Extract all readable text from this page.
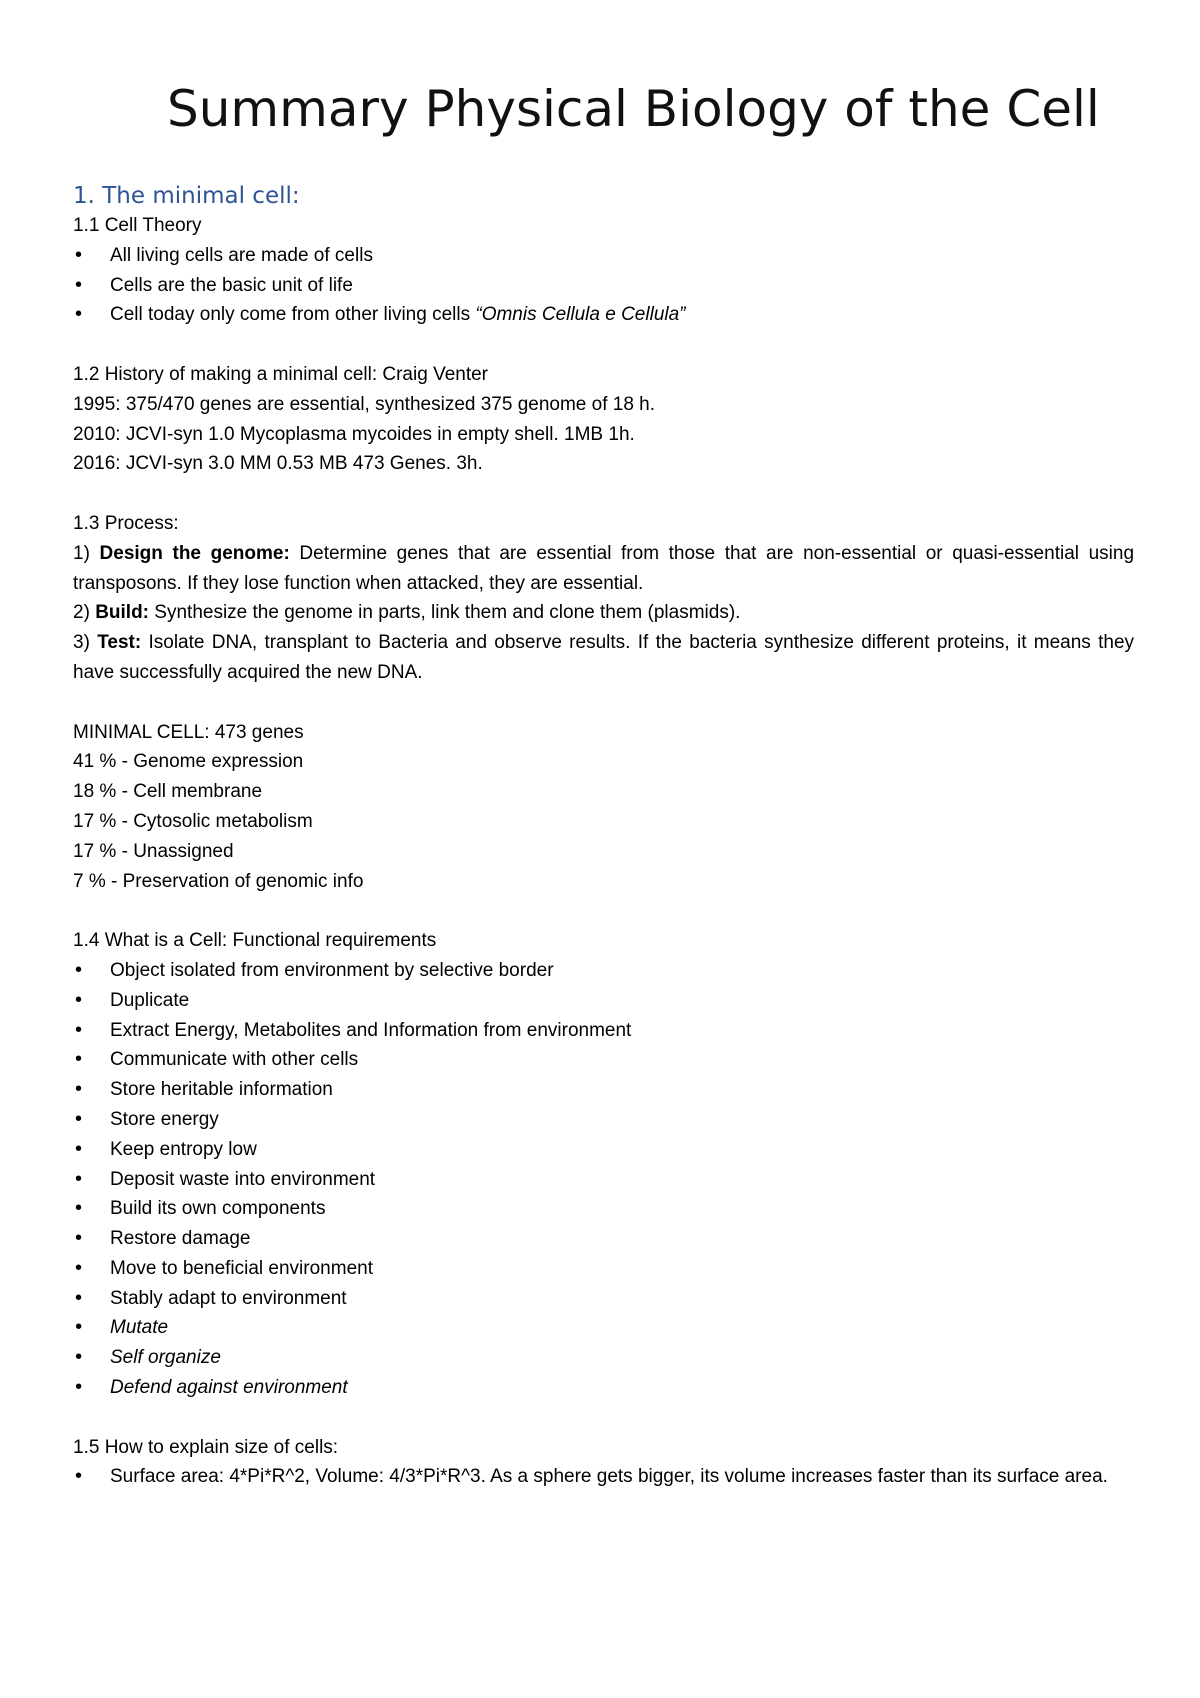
Summary Physical Biology of the Cell
1. The minimal cell:

1.1 Cell Theory

• All living cells are made of cells
• Cells are the basic unit of life
• Cell today only come from other living cells “Omnis Cellula e Cellula”

1.2 History of making a minimal cell: Craig Venter

1995: 375/470 genes are essential, synthesized 375 genome of 18 h.

2010: JCVI-syn 1.0 Mycoplasma mycoides in empty shell. 1MB 1h.

2016: JCVI-syn 3.0 MM 0.53 MB 473 Genes. 3h.

1.3 Process:

1) Design the genome: Determine genes that are essential from those that are non-essential or quasi-essential using transposons. If they lose function when attacked, they are essential.

2) Build: Synthesize the genome in parts, link them and clone them (plasmids).

3) Test: Isolate DNA, transplant to Bacteria and observe results. If the bacteria synthesize different proteins, it means they have successfully acquired the new DNA.

MINIMAL CELL: 473 genes

41 % - Genome expression

18 % - Cell membrane

17 % - Cytosolic metabolism

17 % - Unassigned

7 % - Preservation of genomic info

1.4 What is a Cell: Functional requirements

• Object isolated from environment by selective border
• Duplicate
• Extract Energy, Metabolites and Information from environment
• Communicate with other cells
• Store heritable information
• Store energy
• Keep entropy low
• Deposit waste into environment
• Build its own components
• Restore damage
• Move to beneficial environment
• Stably adapt to environment
• Mutate
• Self organize
• Defend against environment

1.5 How to explain size of cells:

• Surface area: 4*Pi*R^2, Volume: 4/3*Pi*R^3. As a sphere gets bigger, its volume increases faster than its surface area.
